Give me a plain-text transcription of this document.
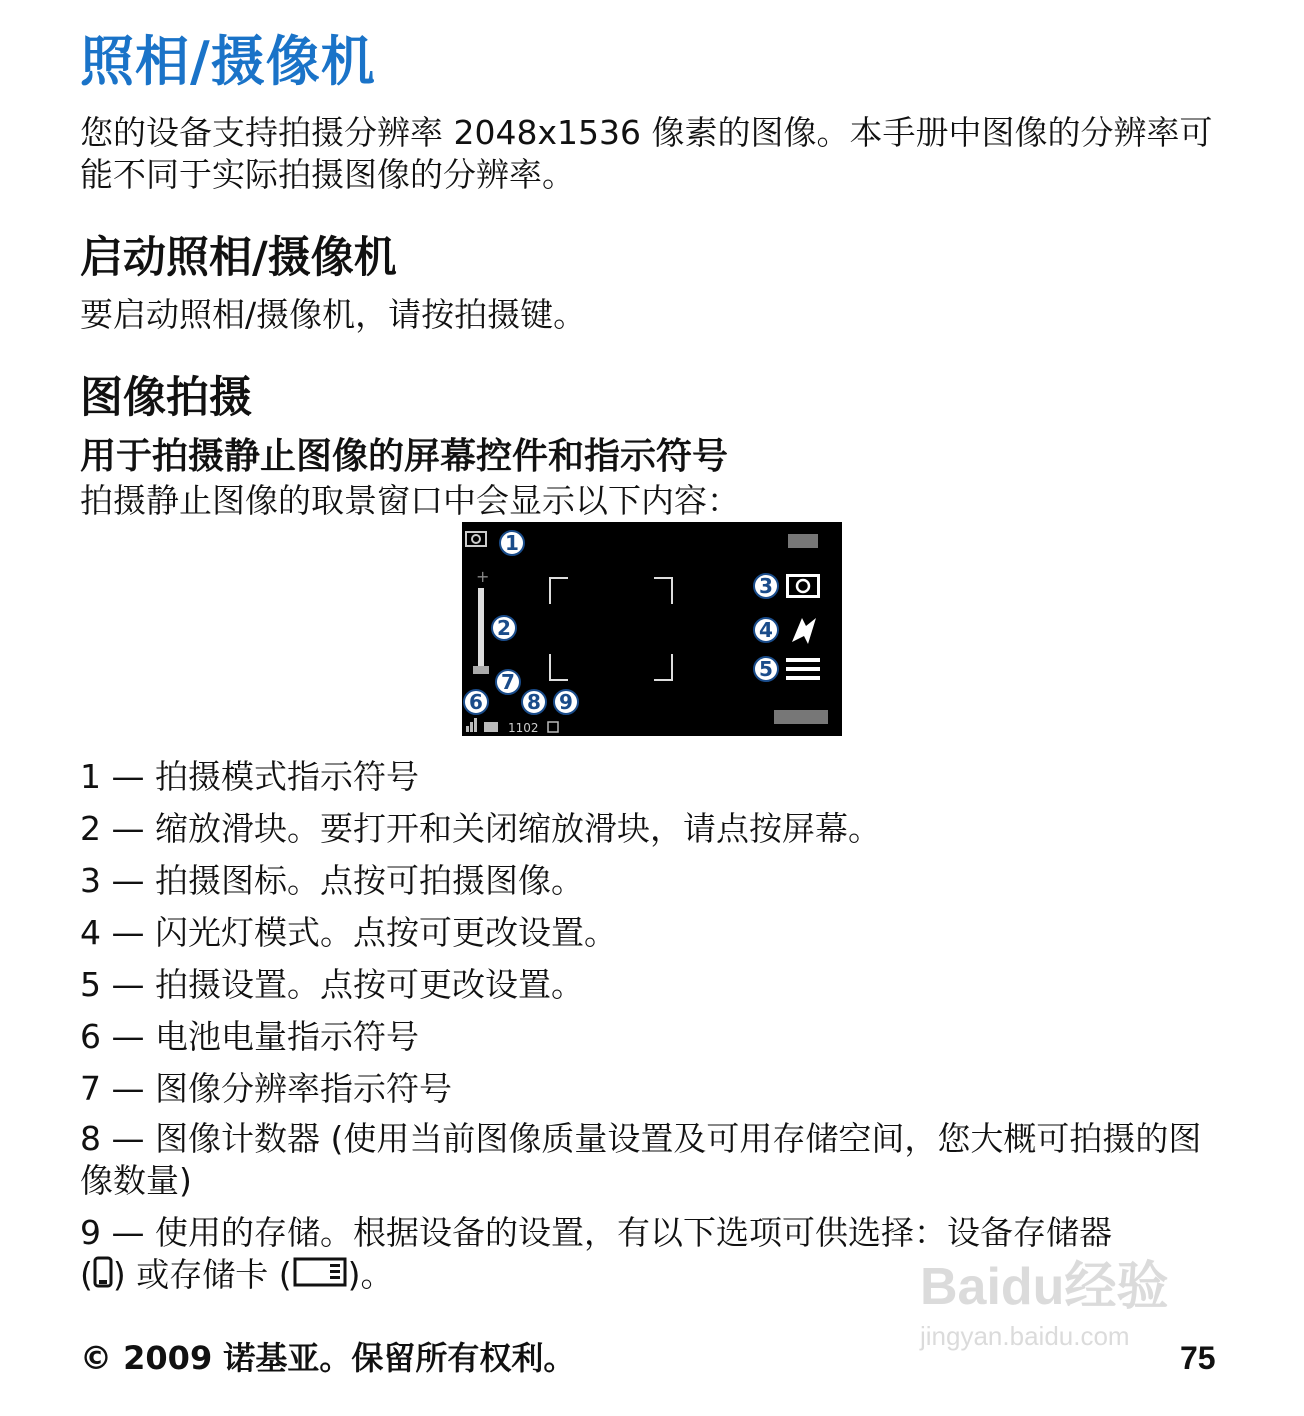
照相/摄像机

您的设备支持拍摄分辨率 2048x1536 像素的图像。本手册中图像的分辨率可能不同于实际拍摄图像的分辨率。

启动照相/摄像机

要启动照相/摄像机，请按拍摄键。

图像拍摄
用于拍摄静止图像的屏幕控件和指示符号

拍摄静止图像的取景窗口中会显示以下内容：

+
1102
1
2
3
4
5
6
7
8 9

1 — 拍摄模式指示符号

2 — 缩放滑块。要打开和关闭缩放滑块，请点按屏幕。

3 — 拍摄图标。点按可拍摄图像。

4 — 闪光灯模式。点按可更改设置。

5 — 拍摄设置。点按可更改设置。

6 — 电池电量指示符号

7 — 图像分辨率指示符号

8 — 图像计数器 (使用当前图像质量设置及可用存储空间，您大概可拍摄的图像数量)

9 — 使用的存储。根据设备的设置，有以下选项可供选择：设备存储器

( ) 或存储卡 ( )。

© 2009 诺基亚。保留所有权利。	75

Baidu经验
jingyan.baidu.com
